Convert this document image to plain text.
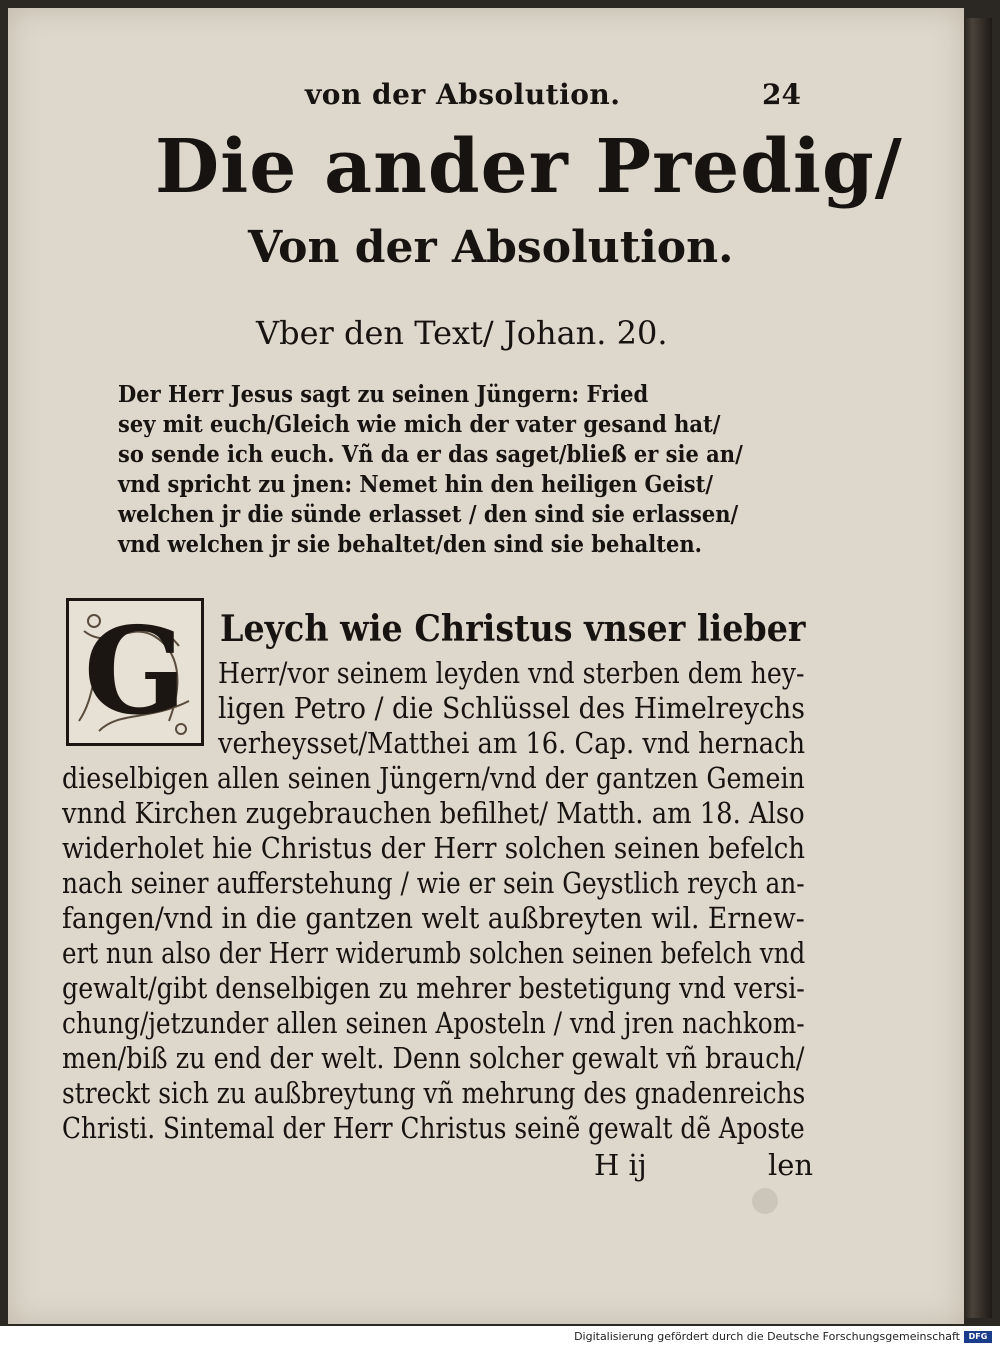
von der Absolution.	24
Die ander Predig/
Von der Absolution.
Vber den Text/ Johan. 20.
Der Herr Jesus sagt zu seinen Jüngern: Fried
sey mit euch/Gleich wie mich der vater gesand hat/
so sende ich euch. Vñ da er das saget/bließ er sie an/
vnd spricht zu jnen: Nemet hin den heiligen Geist/
welchen jr die sünde erlasset / den sind sie erlassen/
vnd welchen jr sie behaltet/den sind sie behalten.
G Leych wie Christus vnser lieber
Herr/vor seinem leyden vnd sterben dem hey-
ligen Petro / die Schlüssel des Himelreychs
verheysset/Matthei am 16. Cap. vnd hernach
dieselbigen allen seinen Jüngern/vnd der gantzen Gemein
vnnd Kirchen zugebrauchen befilhet/ Matth. am 18. Also
widerholet hie Christus der Herr solchen seinen befelch
nach seiner aufferstehung / wie er sein Geystlich reych an-
fangen/vnd in die gantzen welt außbreyten wil. Ernew-
ert nun also der Herr widerumb solchen seinen befelch vnd
gewalt/gibt denselbigen zu mehrer bestetigung vnd versi-
chung/jetzunder allen seinen Aposteln / vnd jren nachkom-
men/biß zu end der welt. Denn solcher gewalt vñ brauch/
streckt sich zu außbreytung vñ mehrung des gnadenreichs
Christi. Sintemal der Herr Christus seinẽ gewalt dẽ Aposte
H ij	len
Digitalisierung gefördert durch die Deutsche Forschungsgemeinschaft	DFG
